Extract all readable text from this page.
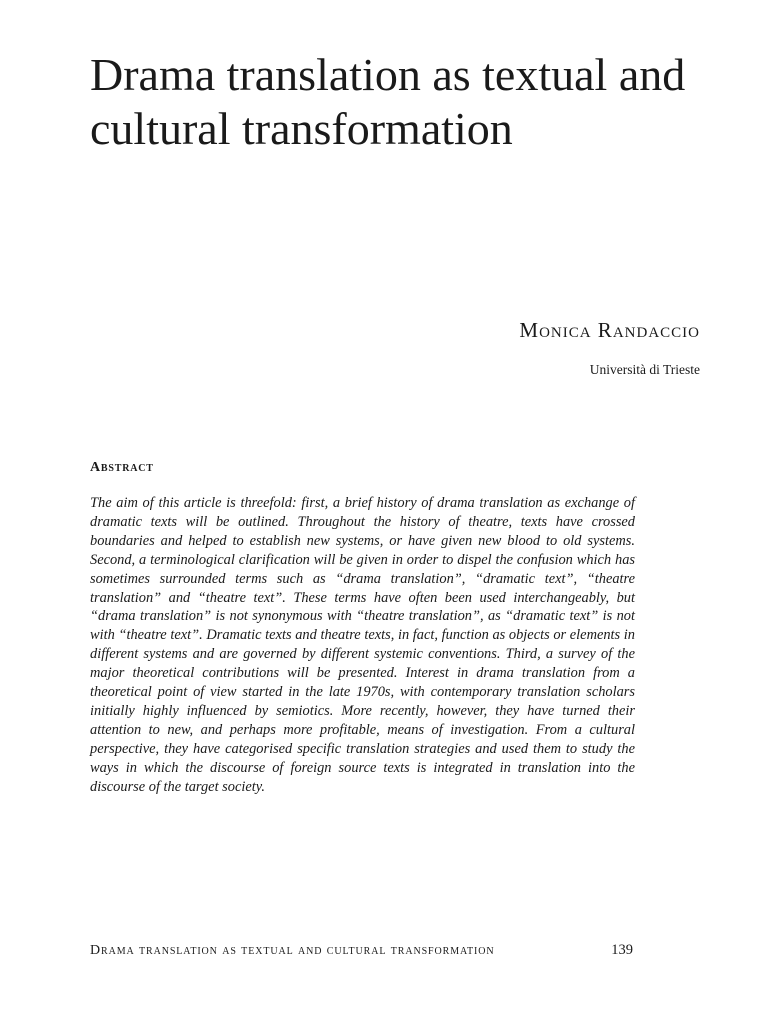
Drama translation as textual and cultural transformation

Monica Randaccio

Università di Trieste

Abstract

The aim of this article is threefold: first, a brief history of drama translation as exchange of dramatic texts will be outlined. Throughout the history of theatre, texts have crossed boundaries and helped to establish new systems, or have given new blood to old systems. Second, a terminological clarification will be given in order to dispel the confusion which has sometimes surrounded terms such as “drama translation”, “dramatic text”, “theatre translation” and “theatre text”. These terms have often been used interchangeably, but “drama translation” is not synonymous with “theatre translation”, as “dramatic text” is not with “theatre text”. Dramatic texts and theatre texts, in fact, function as objects or elements in different systems and are governed by different systemic conventions. Third, a survey of the major theoretical contributions will be presented. Interest in drama translation from a theoretical point of view started in the late 1970s, with contemporary translation scholars initially highly influenced by semiotics. More recently, however, they have turned their attention to new, and perhaps more profitable, means of investigation. From a cultural perspective, they have categorised specific translation strategies and used them to study the ways in which the discourse of foreign source texts is integrated in translation into the discourse of the target society.

Drama translation as textual and cultural transformation	139
